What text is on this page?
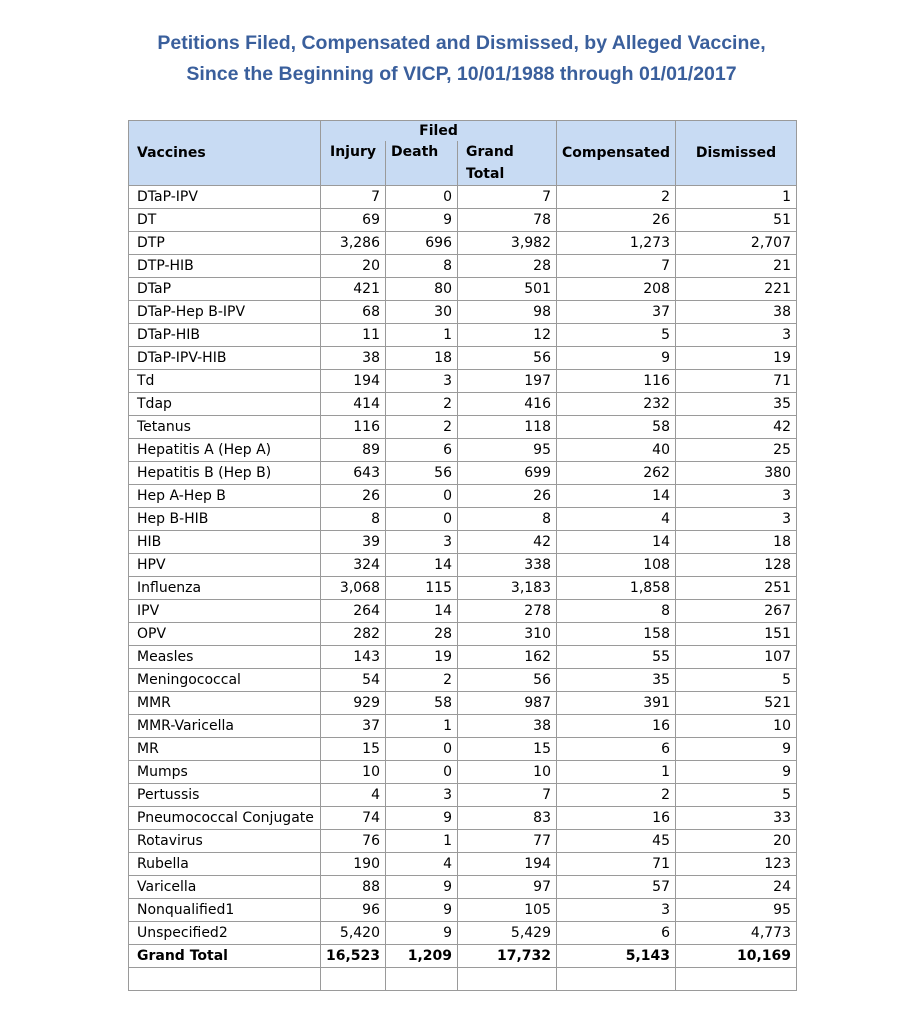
Petitions Filed, Compensated and Dismissed, by Alleged Vaccine,
Since the Beginning of VICP, 10/01/1988 through 01/01/2017
Vaccines	Filed			Compensated	Dismissed
	Injury	Death	Grand Total		
DTaP-IPV	7	0	7	2	1
DT	69	9	78	26	51
DTP	3,286	696	3,982	1,273	2,707
DTP-HIB	20	8	28	7	21
DTaP	421	80	501	208	221
DTaP-Hep B-IPV	68	30	98	37	38
DTaP-HIB	11	1	12	5	3
DTaP-IPV-HIB	38	18	56	9	19
Td	194	3	197	116	71
Tdap	414	2	416	232	35
Tetanus	116	2	118	58	42
Hepatitis A (Hep A)	89	6	95	40	25
Hepatitis B (Hep B)	643	56	699	262	380
Hep A-Hep B	26	0	26	14	3
Hep B-HIB	8	0	8	4	3
HIB	39	3	42	14	18
HPV	324	14	338	108	128
Influenza	3,068	115	3,183	1,858	251
IPV	264	14	278	8	267
OPV	282	28	310	158	151
Measles	143	19	162	55	107
Meningococcal	54	2	56	35	5
MMR	929	58	987	391	521
MMR-Varicella	37	1	38	16	10
MR	15	0	15	6	9
Mumps	10	0	10	1	9
Pertussis	4	3	7	2	5
Pneumococcal Conjugate	74	9	83	16	33
Rotavirus	76	1	77	45	20
Rubella	190	4	194	71	123
Varicella	88	9	97	57	24
Nonqualified1	96	9	105	3	95
Unspecified2	5,420	9	5,429	6	4,773
Grand Total	16,523	1,209	17,732	5,143	10,169
